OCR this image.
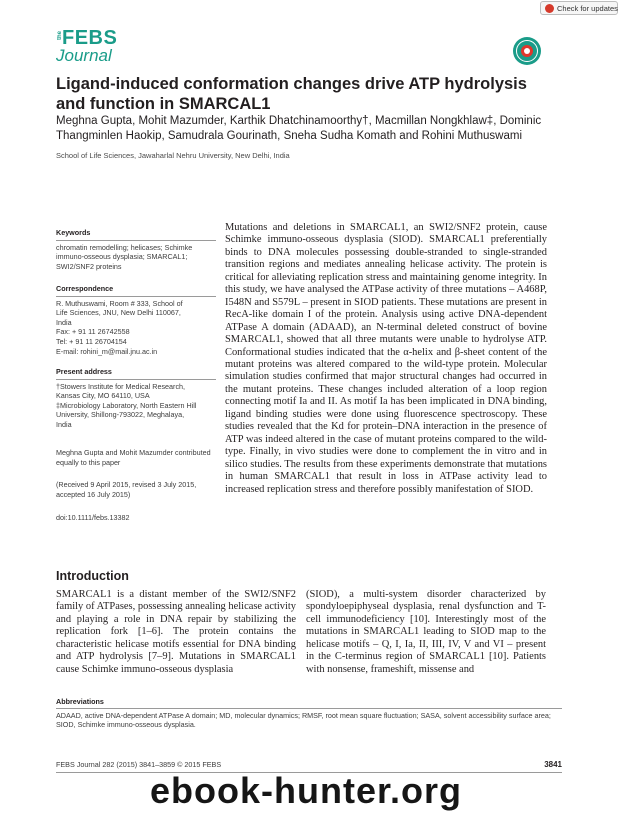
Check for updates
the FEBS
Journal
Ligand-induced conformation changes drive ATP hydrolysis and function in SMARCAL1
Meghna Gupta, Mohit Mazumder, Karthik Dhatchinamoorthy†, Macmillan Nongkhlaw‡, Dominic Thangminlen Haokip, Samudrala Gourinath, Sneha Sudha Komath and Rohini Muthuswami
School of Life Sciences, Jawaharlal Nehru University, New Delhi, India
Keywords
chromatin remodelling; helicases; Schimke immuno-osseous dysplasia; SMARCAL1; SWI2/SNF2 proteins
Correspondence
R. Muthuswami, Room # 333, School of
Life Sciences, JNU, New Delhi 110067,
India
Fax: + 91 11 26742558
Tel: + 91 11 26704154
E-mail: rohini_m@mail.jnu.ac.in
Present address
†Stowers Institute for Medical Research,
Kansas City, MO 64110, USA
‡Microbiology Laboratory, North Eastern Hill
University, Shillong-793022, Meghalaya,
India
Meghna Gupta and Mohit Mazumder contributed equally to this paper
(Received 9 April 2015, revised 3 July 2015, accepted 16 July 2015)
doi:10.1111/febs.13382

Mutations and deletions in SMARCAL1, an SWI2/SNF2 protein, cause Schimke immuno-osseous dysplasia (SIOD). SMARCAL1 preferentially binds to DNA molecules possessing double-stranded to single-stranded transition regions and mediates annealing helicase activity. The protein is critical for alleviating replication stress and maintaining genome integrity. In this study, we have analysed the ATPase activity of three mutations – A468P, I548N and S579L – present in SIOD patients. These mutations are present in RecA-like domain I of the protein. Analysis using active DNA-dependent ATPase A domain (ADAAD), an N-terminal deleted construct of bovine SMARCAL1, showed that all three mutants were unable to hydrolyse ATP. Conformational studies indicated that the α-helix and β-sheet content of the mutant proteins was altered compared to the wild-type protein. Molecular simulation studies confirmed that major structural changes had occurred in the mutant proteins. These changes included alteration of a loop region connecting motif Ia and II. As motif Ia has been implicated in DNA binding, ligand binding studies were done using fluorescence spectroscopy. These studies revealed that the Kd for protein–DNA interaction in the presence of ATP was indeed altered in the case of mutant proteins compared to the wild-type. Finally, in vivo studies were done to complement the in vitro and in silico studies. The results from these experiments demonstrate that mutations in human SMARCAL1 that result in loss in ATPase activity lead to increased replication stress and therefore possibly manifestation of SIOD.

Introduction

SMARCAL1 is a distant member of the SWI2/SNF2 family of ATPases, possessing annealing helicase activity and playing a role in DNA repair by stabilizing the replication fork [1–6]. The protein contains the characteristic helicase motifs essential for DNA binding and ATP hydrolysis [7–9]. Mutations in SMARCAL1 cause Schimke immuno-osseous dysplasia

(SIOD), a multi-system disorder characterized by spondyloepiphyseal dysplasia, renal dysfunction and T-cell immunodeficiency [10]. Interestingly most of the mutations in SMARCAL1 leading to SIOD map to the helicase motifs – Q, I, Ia, II, III, IV, V and VI – present in the C-terminus region of SMARCAL1 [10]. Patients with nonsense, frameshift, missense and

Abbreviations
ADAAD, active DNA-dependent ATPase A domain; MD, molecular dynamics; RMSF, root mean square fluctuation; SASA, solvent accessibility surface area; SIOD, Schimke immuno-osseous dysplasia.
FEBS Journal 282 (2015) 3841–3859 © 2015 FEBS	3841
ebook-hunter.org
